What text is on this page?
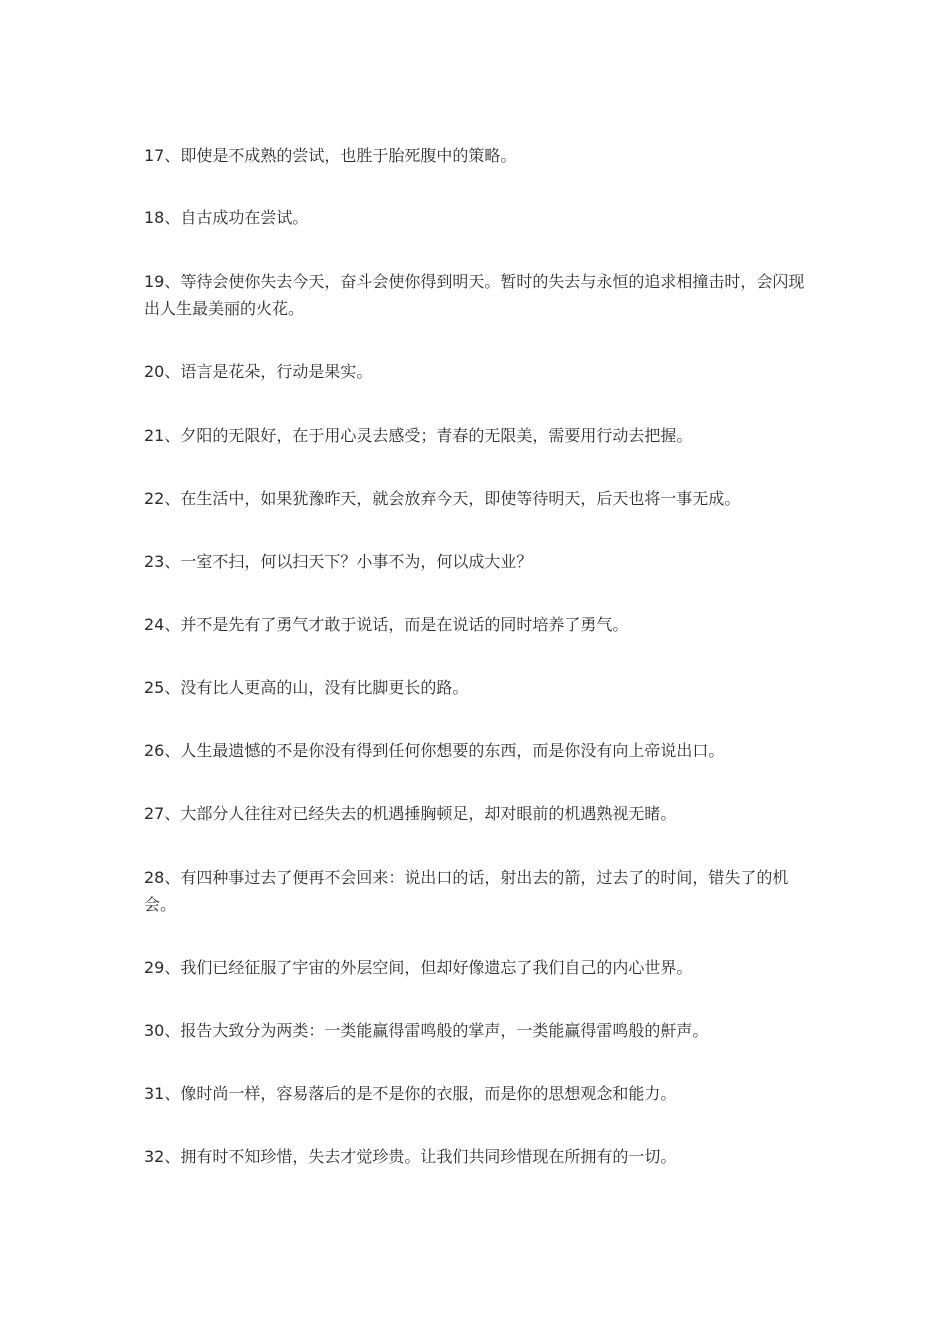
17、即使是不成熟的尝试，也胜于胎死腹中的策略。

18、自古成功在尝试。

19、等待会使你失去今天，奋斗会使你得到明天。暂时的失去与永恒的追求相撞击时，会闪现出人生最美丽的火花。

20、语言是花朵，行动是果实。

21、夕阳的无限好，在于用心灵去感受；青春的无限美，需要用行动去把握。

22、在生活中，如果犹豫昨天，就会放弃今天，即使等待明天，后天也将一事无成。

23、一室不扫，何以扫天下？小事不为，何以成大业？

24、并不是先有了勇气才敢于说话，而是在说话的同时培养了勇气。

25、没有比人更高的山，没有比脚更长的路。

26、人生最遗憾的不是你没有得到任何你想要的东西，而是你没有向上帝说出口。

27、大部分人往往对已经失去的机遇捶胸顿足，却对眼前的机遇熟视无睹。

28、有四种事过去了便再不会回来：说出口的话，射出去的箭，过去了的时间，错失了的机会。

29、我们已经征服了宇宙的外层空间，但却好像遗忘了我们自己的内心世界。

30、报告大致分为两类：一类能赢得雷鸣般的掌声，一类能赢得雷鸣般的鼾声。

31、像时尚一样，容易落后的是不是你的衣服，而是你的思想观念和能力。

32、拥有时不知珍惜，失去才觉珍贵。让我们共同珍惜现在所拥有的一切。
